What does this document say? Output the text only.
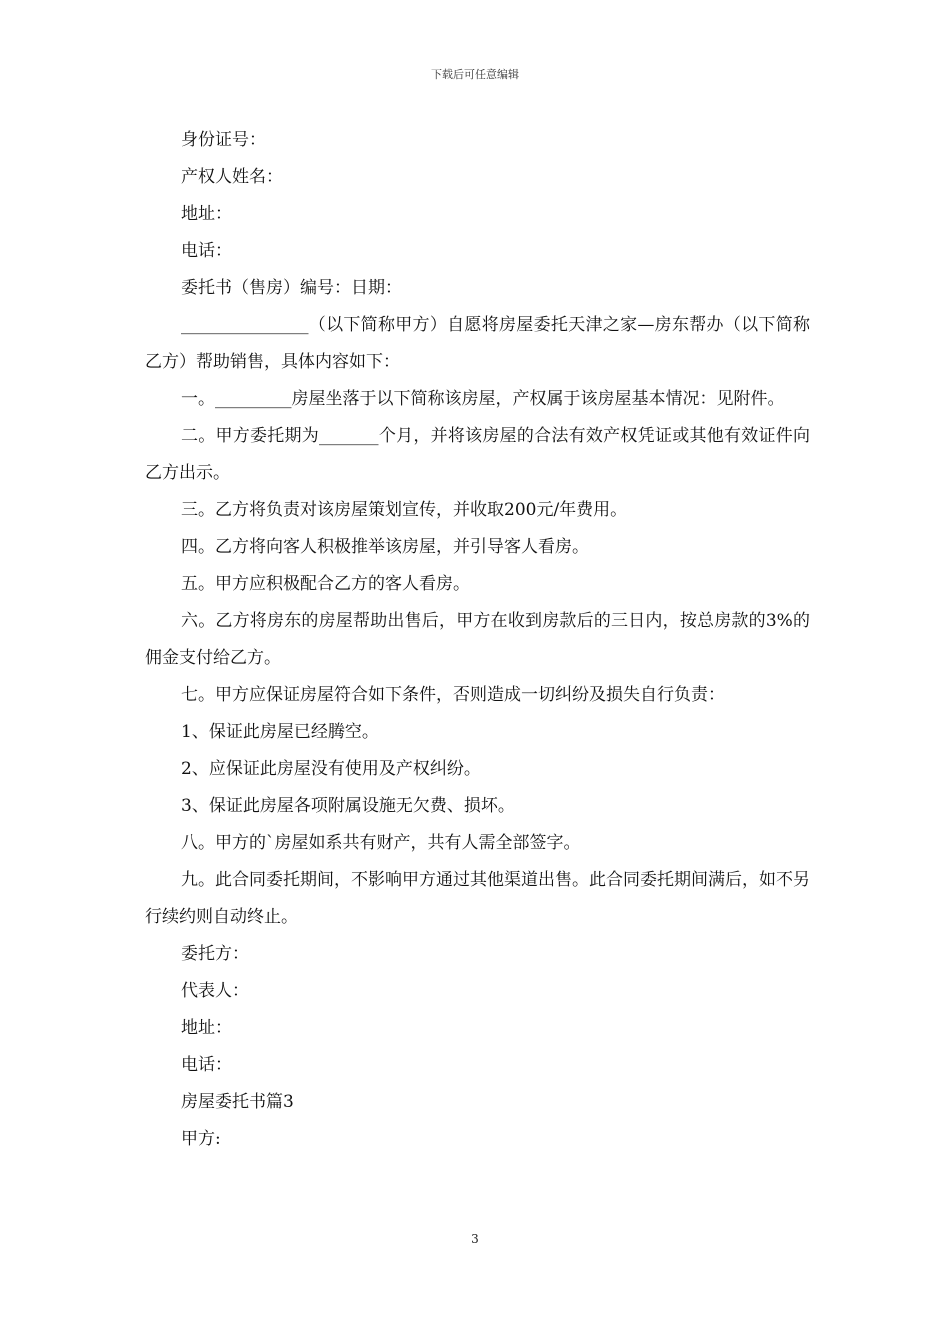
下载后可任意编辑

身份证号：

产权人姓名：

地址：

电话：

委托书（售房）编号：日期：

_______________（以下简称甲方）自愿将房屋委托天津之家—房东帮办（以下简称乙方）帮助销售，具体内容如下：

一。_________房屋坐落于以下简称该房屋，产权属于该房屋基本情况：见附件。

二。甲方委托期为_______个月，并将该房屋的合法有效产权凭证或其他有效证件向乙方出示。

三。乙方将负责对该房屋策划宣传，并收取200元/年费用。

四。乙方将向客人积极推举该房屋，并引导客人看房。

五。甲方应积极配合乙方的客人看房。

六。乙方将房东的房屋帮助出售后，甲方在收到房款后的三日内，按总房款的3%的佣金支付给乙方。

七。甲方应保证房屋符合如下条件，否则造成一切纠纷及损失自行负责：

1、保证此房屋已经腾空。

2、应保证此房屋没有使用及产权纠纷。

3、保证此房屋各项附属设施无欠费、损坏。

八。甲方的`房屋如系共有财产，共有人需全部签字。

九。此合同委托期间，不影响甲方通过其他渠道出售。此合同委托期间满后，如不另行续约则自动终止。

委托方：

代表人：

地址：

电话：

房屋委托书篇3

甲方:

3
